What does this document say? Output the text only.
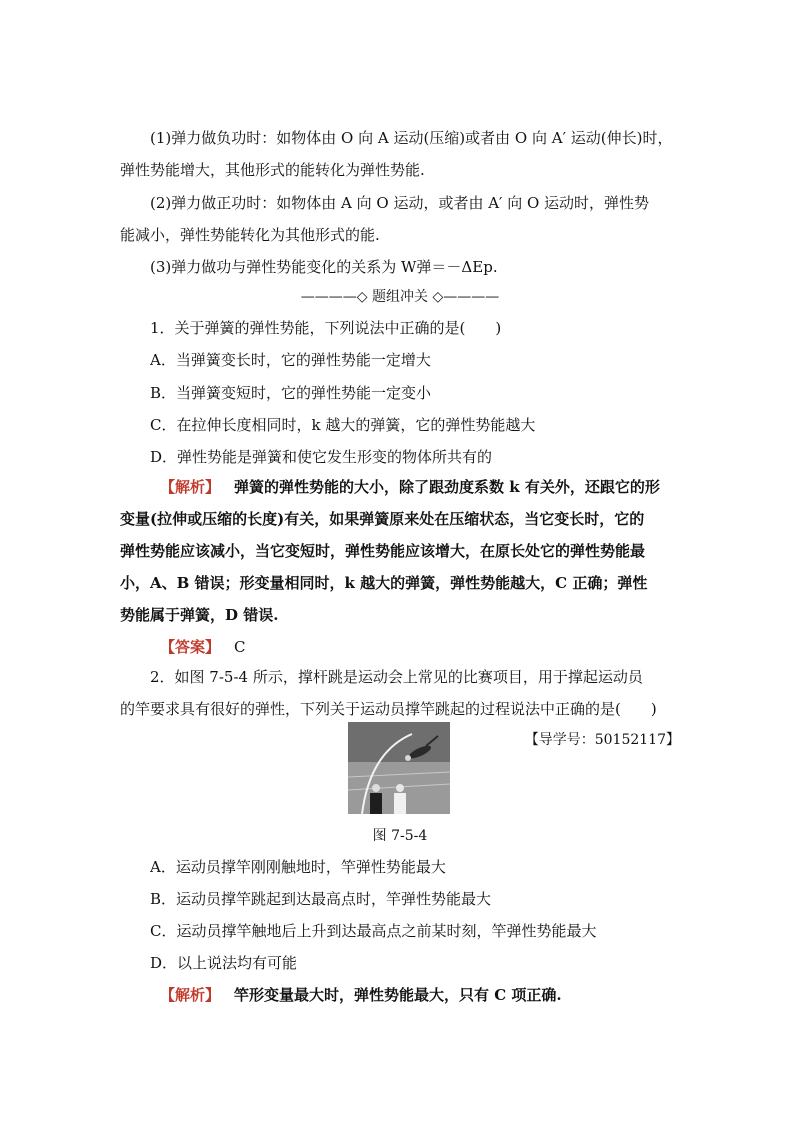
(1)弹力做负功时：如物体由 O 向 A 运动(压缩)或者由 O 向 A′ 运动(伸长)时，
弹性势能增大，其他形式的能转化为弹性势能.
(2)弹力做正功时：如物体由 A 向 O 运动，或者由 A′ 向 O 运动时，弹性势
能减小，弹性势能转化为其他形式的能.
(3)弹力做功与弹性势能变化的关系为 W弹＝－ΔEp.
————◇ 题组冲关 ◇————
1．关于弹簧的弹性势能，下列说法中正确的是(　　)
A．当弹簧变长时，它的弹性势能一定增大
B．当弹簧变短时，它的弹性势能一定变小
C．在拉伸长度相同时，k 越大的弹簧，它的弹性势能越大
D．弹性势能是弹簧和使它发生形变的物体所共有的
【解析】 弹簧的弹性势能的大小，除了跟劲度系数 k 有关外，还跟它的形
变量(拉伸或压缩的长度)有关，如果弹簧原来处在压缩状态，当它变长时，它的
弹性势能应该减小，当它变短时，弹性势能应该增大，在原长处它的弹性势能最
小，A、B 错误；形变量相同时，k 越大的弹簧，弹性势能越大，C 正确；弹性
势能属于弹簧，D 错误.
【答案】 C
2．如图 7-5-4 所示，撑杆跳是运动会上常见的比赛项目，用于撑起运动员
的竿要求具有很好的弹性，下列关于运动员撑竿跳起的过程说法中正确的是(　　)
【导学号：50152117】
图 7-5-4
A．运动员撑竿刚刚触地时，竿弹性势能最大
B．运动员撑竿跳起到达最高点时，竿弹性势能最大
C．运动员撑竿触地后上升到达最高点之前某时刻，竿弹性势能最大
D．以上说法均有可能
【解析】 竿形变量最大时，弹性势能最大，只有 C 项正确.
